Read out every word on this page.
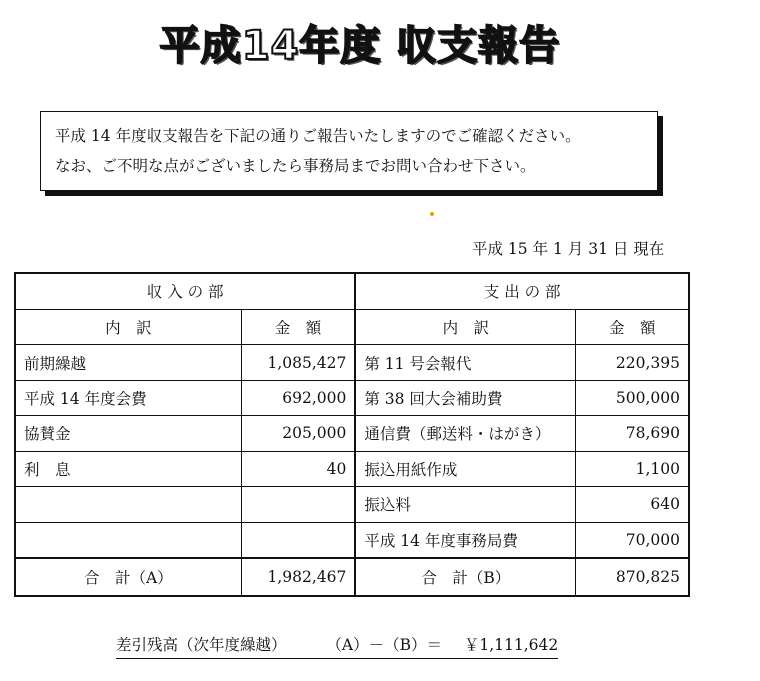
平成14年度 収支報告
平成 14 年度収支報告を下記の通りご報告いたしますのでご確認ください。
なお、ご不明な点がございましたら事務局までお問い合わせ下さい。
平成 15 年 1 月 31 日 現在
収 入 の 部		支 出 の 部	
内　訳	金　額	内　訳	金　額
前期繰越	1,085,427	第 11 号会報代	220,395
平成 14 年度会費	692,000	第 38 回大会補助費	500,000
協賛金	205,000	通信費（郵送料・はがき）	78,690
利　息	40	振込用紙作成	1,100
		振込料	640
		平成 14 年度事務局費	70,000
合　計（A）	1,982,467	合　計（B）	870,825
差引残高（次年度繰越）	（A）－（B）＝ ￥1,111,642
